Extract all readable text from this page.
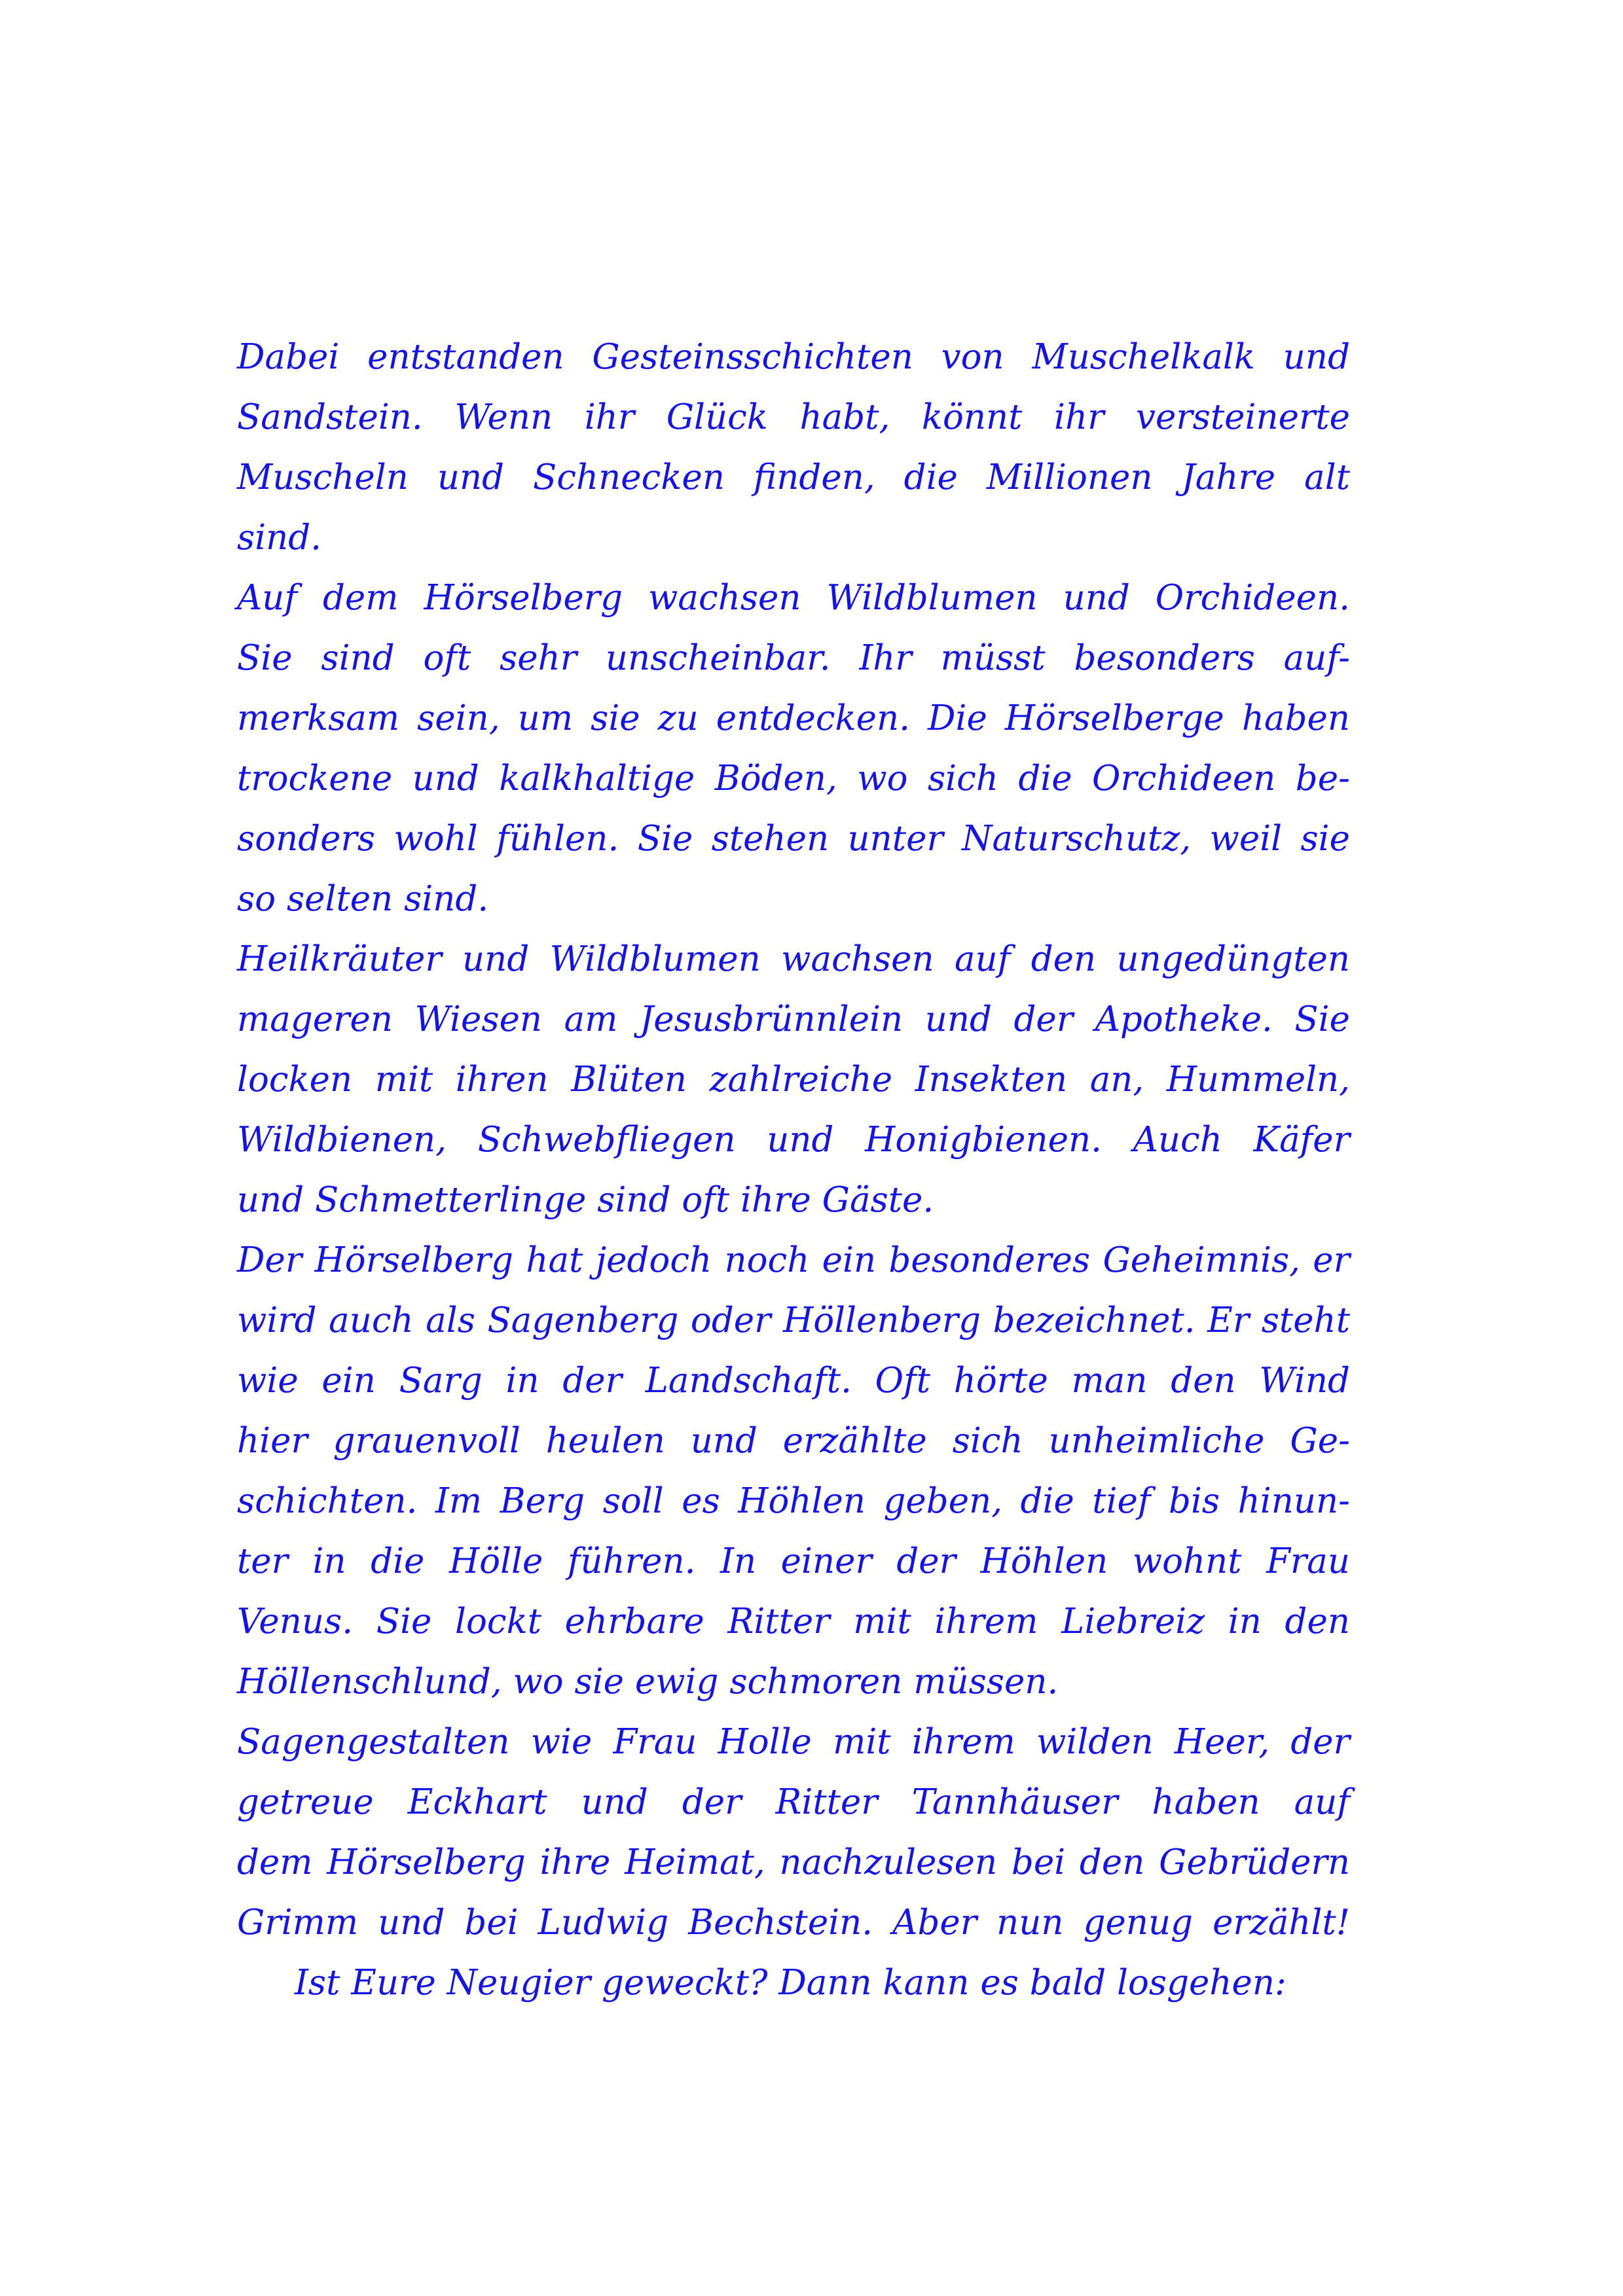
Dabei entstanden Gesteinsschichten von Muschelkalk und
Sandstein. Wenn ihr Glück habt, könnt ihr versteinerte
Muscheln und Schnecken finden, die Millionen Jahre alt
sind.
Auf dem Hörselberg wachsen Wildblumen und Orchideen.
Sie sind oft sehr unscheinbar. Ihr müsst besonders auf-
merksam sein, um sie zu entdecken. Die Hörselberge haben
trockene und kalkhaltige Böden, wo sich die Orchideen be-
sonders wohl fühlen. Sie stehen unter Naturschutz, weil sie
so selten sind.
Heilkräuter und Wildblumen wachsen auf den ungedüngten
mageren Wiesen am Jesusbrünnlein und der Apotheke. Sie
locken mit ihren Blüten zahlreiche Insekten an, Hummeln,
Wildbienen, Schwebfliegen und Honigbienen. Auch Käfer
und Schmetterlinge sind oft ihre Gäste.
Der Hörselberg hat jedoch noch ein besonderes Geheimnis, er
wird auch als Sagenberg oder Höllenberg bezeichnet. Er steht
wie ein Sarg in der Landschaft. Oft hörte man den Wind
hier grauenvoll heulen und erzählte sich unheimliche Ge-
schichten. Im Berg soll es Höhlen geben, die tief bis hinun-
ter in die Hölle führen. In einer der Höhlen wohnt Frau
Venus. Sie lockt ehrbare Ritter mit ihrem Liebreiz in den
Höllenschlund, wo sie ewig schmoren müssen.
Sagengestalten wie Frau Holle mit ihrem wilden Heer, der
getreue Eckhart und der Ritter Tannhäuser haben auf
dem Hörselberg ihre Heimat, nachzulesen bei den Gebrüdern
Grimm und bei Ludwig Bechstein. Aber nun genug erzählt!
Ist Eure Neugier geweckt? Dann kann es bald losgehen:
